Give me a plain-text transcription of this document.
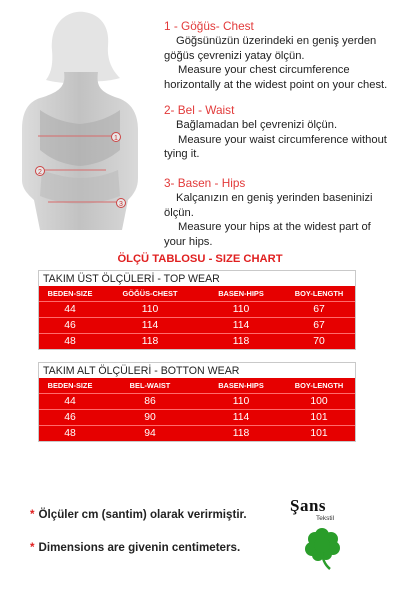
1
2
3
1 - Göğüs- Chest
Göğsünüzün üzerindeki en geniş yerden
göğüs çevrenizi yatay ölçün.
Measure your chest circumference
horizontally at the widest point on your chest.
2- Bel - Waist
Bağlamadan bel çevrenizi ölçün.
Measure your waist circumference without
tying it.
3- Basen - Hips
Kalçanızın en geniş yerinden baseninizi
ölçün.
Measure your hips at the widest part of
your hips.
ÖLÇÜ TABLOSU - SIZE CHART
TAKIM ÜST ÖLÇÜLERİ - TOP WEAR
BEDEN-SIZE	GÖĞÜS-CHEST	BASEN-HIPS	BOY-LENGTH
44	110	110	67
46	114	114	67
48	118	118	70
TAKIM ALT ÖLÇÜLERİ - BOTTON WEAR
BEDEN-SIZE	BEL-WAIST	BASEN-HIPS	BOY-LENGTH
44	86	110	100
46	90	114	101
48	94	118	101
* Ölçüler cm (santim) olarak verirmiştir.
* Dimensions are givenin centimeters.
Şans
Tekstil
